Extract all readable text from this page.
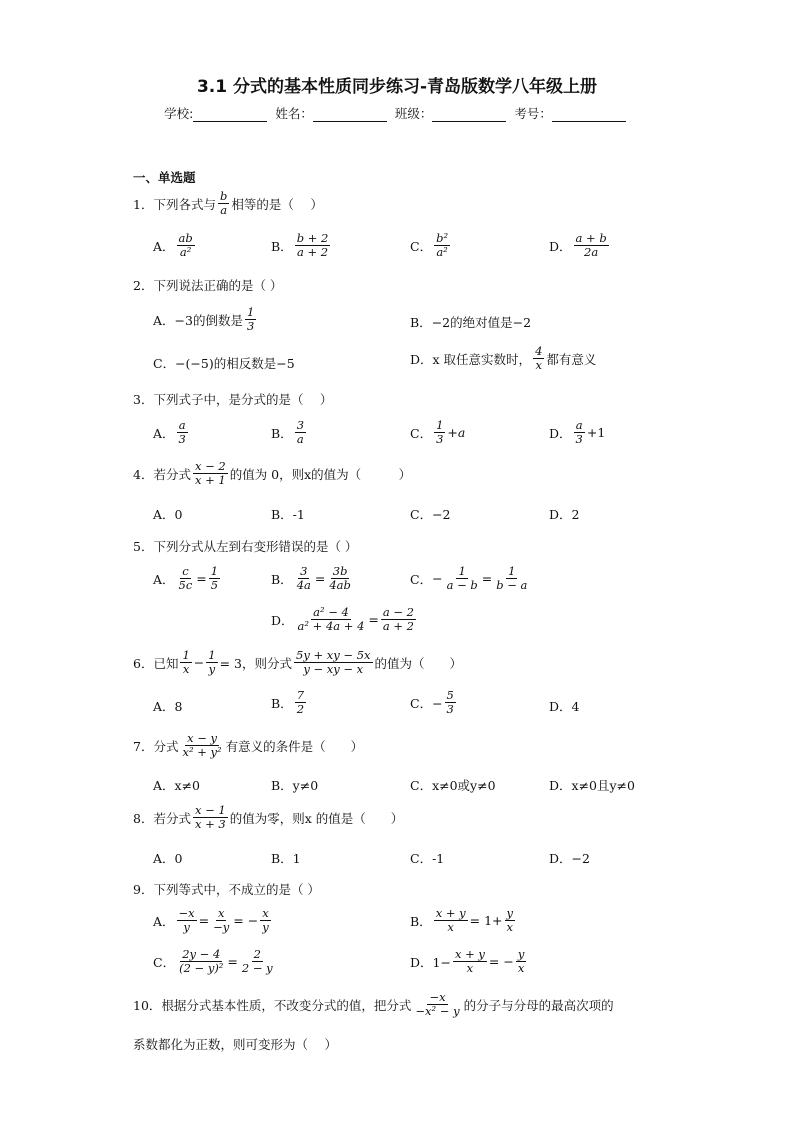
3.1 分式的基本性质同步练习-青岛版数学八年级上册
学校:	姓名：	班级：	考号：
一、单选题
1．下列各式与 $\frac{b}{a}$ 相等的是（　 ）
A． $\frac{ab}{\text{a²}}$	B． $\frac{b + 2}{a + 2}$	C． $\frac{\text{b²}}{\text{a²}}$	D． $\frac{a + b}{2a}$
2．下列说法正确的是（ ）
A． −3的倒数是 $\frac{1}{3}$	B． −2的绝对值是−2
C． −(−5)的相反数是−5	D． x 取任意实数时， $\frac{4}{x}$ 都有意义
3．下列式子中，是分式的是（　 ）
A． $\frac{a}{3}$	B． $\frac{3}{a}$	C． $\frac{1}{3} +a$	D． $\frac{a}{3} +1$
4．若分式 $\frac{x - 2}{x + 1}$ 的值为 0，则x的值为（　　　）
A．0	B．-1	C．−2	D．2
5．下列分式从左到右变形错误的是（ ）
A． $\frac{c}{5c} = \frac{1}{5}$	B． $\frac{3}{4a} = \frac{3b}{4ab}$	C． − $\frac{1}{a - b} = \frac{1}{b - a}$
D． $\frac{\text{a² − 4}}{\text{a² + 4a + 4}} = \frac{a - 2}{a + 2}$
6．已知 $\frac{1}{x} - \frac{1}{y} = 3$，则分式 $\frac{5y + xy - 5x}{y - xy - x}$ 的值为（　　）
A．8	B． $\frac{7}{2}$	C．− $\frac{5}{3}$	D．4
7．分式 $\frac{x - y}{\text{x² + y²}}$ 有意义的条件是（　　）
A．x≠0	B．y≠0	C．x≠0或y≠0	D．x≠0且y≠0
8．若分式 $\frac{x - 1}{x + 3}$ 的值为零，则x 的值是（　　）
A．0	B．1	C．-1	D．−2
9．下列等式中，不成立的是（ ）
A． $\frac{-x}{y} = \frac{x}{-y}$ = − $\frac{x}{y}$	B． $\frac{x + y}{x} = 1+ \frac{y}{x}$
C． $\frac{2y - 4}{\text{(2 − y)²}} = \frac{2}{2 - y}$	D．$1- \frac{x + y}{x}$ = − $\frac{y}{x}$
10．根据分式基本性质，不改变分式的值，把分式 $\frac{-x}{\text{−x² − y}}$ 的分子与分母的最高次项的
系数都化为正数，则可变形为（　 ）
